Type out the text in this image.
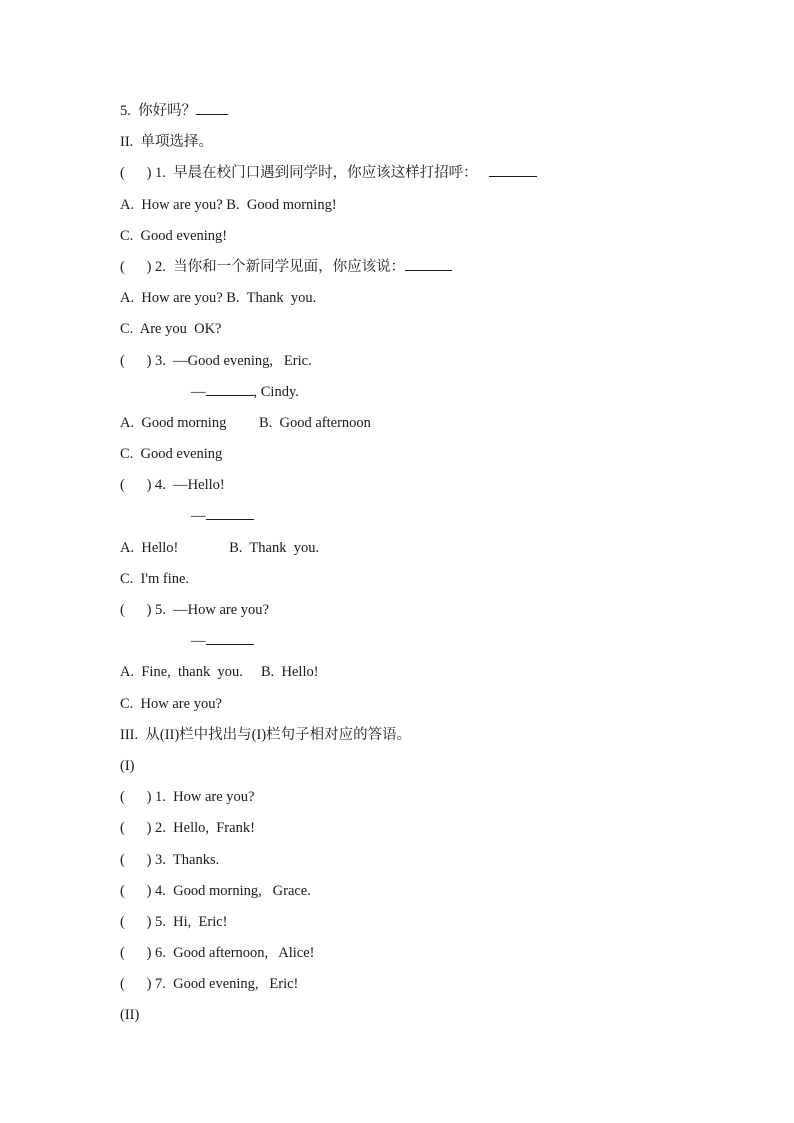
5.  你好吗？
II.  单项选择。
(      ) 1.  早晨在校门口遇到同学时，你应该这样打招呼：
A.  How are you? B.  Good morning!
C.  Good evening!
(      ) 2.  当你和一个新同学见面，你应该说：
A.  How are you? B.  Thank  you.
C.  Are you  OK?
(      ) 3.  —Good evening,   Eric.
—	, Cindy.
A.  Good morning         B.  Good afternoon
C.  Good evening
(      ) 4.  —Hello!
—
A.  Hello!              B.  Thank  you.
C.  I'm fine.
(      ) 5.  —How are you?
—
A.  Fine,  thank  you.     B.  Hello!
C.  How are you?
III.  从(II)栏中找出与(I)栏句子相对应的答语。
(I)
(      ) 1.  How are you?
(      ) 2.  Hello,  Frank!
(      ) 3.  Thanks.
(      ) 4.  Good morning,   Grace.
(      ) 5.  Hi,  Eric!
(      ) 6.  Good afternoon,   Alice!
(      ) 7.  Good evening,   Eric!
(II)
